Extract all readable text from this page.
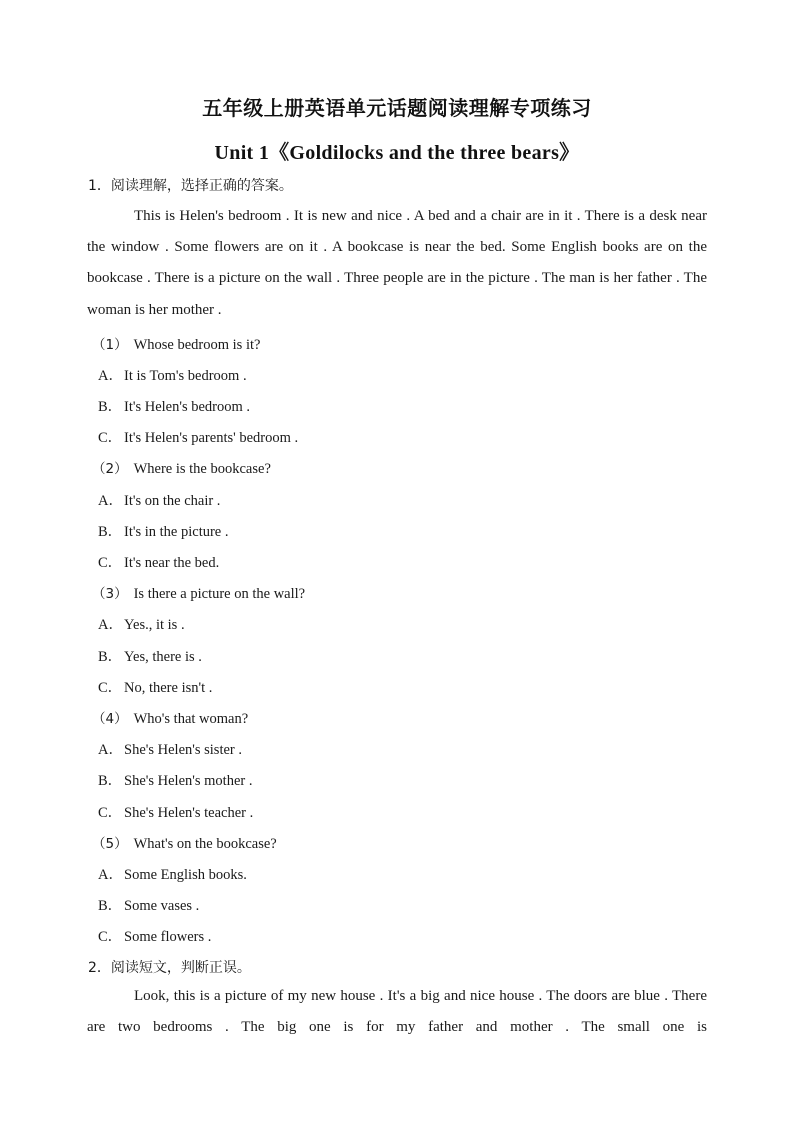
五年级上册英语单元话题阅读理解专项练习
Unit 1《Goldilocks and the three bears》
1．阅读理解，选择正确的答案。

This is Helen's bedroom . It is new and nice . A bed and a chair are in it . There is a desk near the window . Some flowers are on it . A bookcase is near the bed. Some English books are on the bookcase . There is a picture on the wall . Three people are in the picture . The man is her father . The woman is her mother .

（1） Whose bedroom is it?
A．It is Tom's bedroom .
B． It's Helen's bedroom .
C． It's Helen's parents' bedroom .
（2） Where is the bookcase?
A．It's on the chair .
B． It's in the picture .
C． It's near the bed.
（3） Is there a picture on the wall?
A．Yes., it is .
B． Yes, there is .
C． No, there isn't .
（4） Who's that woman?
A．She's Helen's sister .
B． She's Helen's mother .
C． She's Helen's teacher .
（5） What's on the bookcase?
A．Some English books.
B． Some vases .
C． Some flowers .
2．阅读短文，判断正误。

Look, this is a picture of my new house . It's a big and nice house . The doors are blue . There are two bedrooms . The big one is for my father and mother . The small one is
